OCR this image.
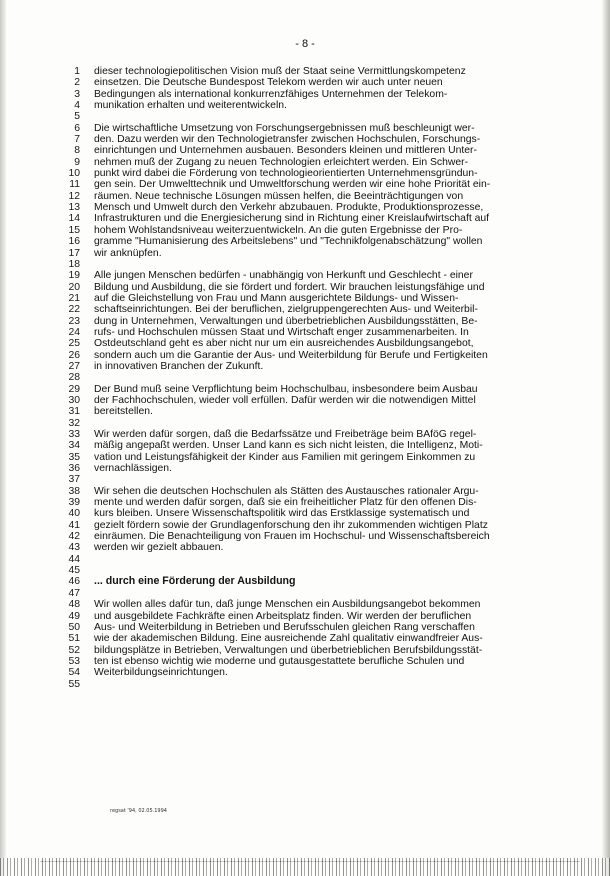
- 8 -
1 dieser technologiepolitischen Vision muß der Staat seine Vermittlungskompetenz
2 einsetzen. Die Deutsche Bundespost Telekom werden wir auch unter neuen
3 Bedingungen als international konkurrenzfähiges Unternehmen der Telekom-
4 munikation erhalten und weiterentwickeln.
5
6 Die wirtschaftliche Umsetzung von Forschungsergebnissen muß beschleunigt wer-
7 den. Dazu werden wir den Technologietransfer zwischen Hochschulen, Forschungs-
8 einrichtungen und Unternehmen ausbauen. Besonders kleinen und mittleren Unter-
9 nehmen muß der Zugang zu neuen Technologien erleichtert werden. Ein Schwer-
10 punkt wird dabei die Förderung von technologieorientierten Unternehmensgründun-
11 gen sein. Der Umwelttechnik und Umweltforschung werden wir eine hohe Priorität ein-
12 räumen. Neue technische Lösungen müssen helfen, die Beeinträchtigungen von
13 Mensch und Umwelt durch den Verkehr abzubauen. Produkte, Produktionsprozesse,
14 Infrastrukturen und die Energiesicherung sind in Richtung einer Kreislaufwirtschaft auf
15 hohem Wohlstandsniveau weiterzuentwickeln. An die guten Ergebnisse der Pro-
16 gramme "Humanisierung des Arbeitslebens" und "Technikfolgenabschätzung" wollen
17 wir anknüpfen.
18
19 Alle jungen Menschen bedürfen - unabhängig von Herkunft und Geschlecht - einer
20 Bildung und Ausbildung, die sie fördert und fordert. Wir brauchen leistungsfähige und
21 auf die Gleichstellung von Frau und Mann ausgerichtete Bildungs- und Wissen-
22 schaftseinrichtungen. Bei der beruflichen, zielgruppengerechten Aus- und Weiterbil-
23 dung in Unternehmen, Verwaltungen und überbetrieblichen Ausbildungsstätten, Be-
24 rufs- und Hochschulen müssen Staat und Wirtschaft enger zusammenarbeiten. In
25 Ostdeutschland geht es aber nicht nur um ein ausreichendes Ausbildungsangebot,
26 sondern auch um die Garantie der Aus- und Weiterbildung für Berufe und Fertigkeiten
27 in innovativen Branchen der Zukunft.
28
29 Der Bund muß seine Verpflichtung beim Hochschulbau, insbesondere beim Ausbau
30 der Fachhochschulen, wieder voll erfüllen. Dafür werden wir die notwendigen Mittel
31 bereitstellen.
32
33 Wir werden dafür sorgen, daß die Bedarfssätze und Freibeträge beim BAföG regel-
34 mäßig angepaßt werden. Unser Land kann es sich nicht leisten, die Intelligenz, Moti-
35 vation und Leistungsfähigkeit der Kinder aus Familien mit geringem Einkommen zu
36 vernachlässigen.
37
38 Wir sehen die deutschen Hochschulen als Stätten des Austausches rationaler Argu-
39 mente und werden dafür sorgen, daß sie ein freiheitlicher Platz für den offenen Dis-
40 kurs bleiben. Unsere Wissenschaftspolitik wird das Erstklassige systematisch und
41 gezielt fördern sowie der Grundlagenforschung den ihr zukommenden wichtigen Platz
42 einräumen. Die Benachteiligung von Frauen im Hochschul- und Wissenschaftsbereich
43 werden wir gezielt abbauen.
44
45
46 ... durch eine Förderung der Ausbildung
47
48 Wir wollen alles dafür tun, daß junge Menschen ein Ausbildungsangebot bekommen
49 und ausgebildete Fachkräfte einen Arbeitsplatz finden. Wir werden der beruflichen
50 Aus- und Weiterbildung in Betrieben und Berufsschulen gleichen Rang verschaffen
51 wie der akademischen Bildung. Eine ausreichende Zahl qualitativ einwandfreier Aus-
52 bildungsplätze in Betrieben, Verwaltungen und überbetrieblichen Berufsbildungsstät-
53 ten ist ebenso wichtig wie moderne und gutausgestattete berufliche Schulen und
54 Weiterbildungseinrichtungen.
55
regsat '94, 02.05.1994
